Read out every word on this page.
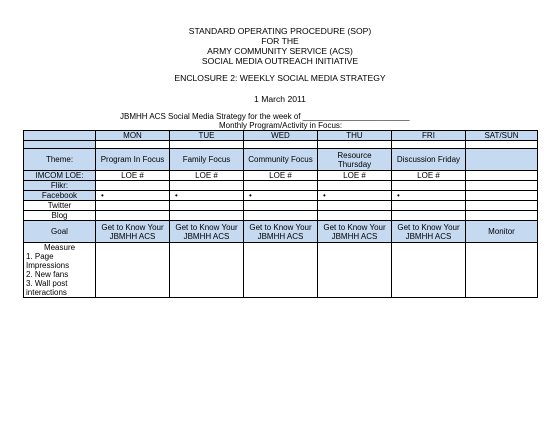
STANDARD OPERATING PROCEDURE (SOP)

FOR THE

ARMY COMMUNITY SERVICE (ACS)

SOCIAL MEDIA OUTREACH INITIATIVE

ENCLOSURE 2: WEEKLY SOCIAL MEDIA STRATEGY
1 March 2011
JBMHH ACS Social Media Strategy for the week of ________________________
Monthly Program/Activity in Focus:
	MON	TUE	WED	THU	FRI	SAT/SUN

Theme:	Program In Focus	Family Focus	Community Focus	Resource Thursday	Discussion Friday	
IMCOM LOE:	LOE #	LOE #	LOE #	LOE #	LOE #	
Flikr:						
Facebook	•	•	•	•	•	
Twitter						
Blog						
Goal	Get to Know Your JBMHH ACS	Get to Know Your JBMHH ACS	Get to Know Your JBMHH ACS	Get to Know Your JBMHH ACS	Get to Know Your JBMHH ACS	Monitor

Measure
1. Page Impressions
2. New fans
3. Wall post interactions						
